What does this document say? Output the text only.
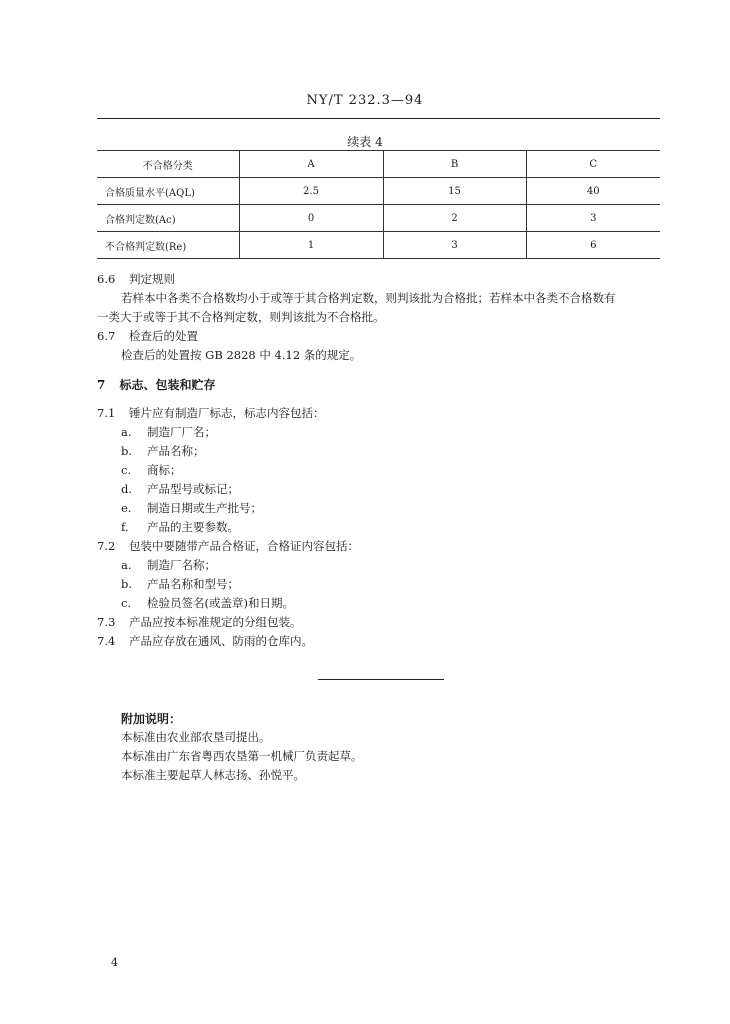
NY/T 232.3—94
续表 4
不合格分类	A	B	C
合格质量水平(AQL)	2.5	15	40
合格判定数(Ac)	0	2	3
不合格判定数(Re)	1	3	6
6.6 判定规则
若样本中各类不合格数均小于或等于其合格判定数，则判该批为合格批；若样本中各类不合格数有
一类大于或等于其不合格判定数，则判该批为不合格批。
6.7 检查后的处置
检查后的处置按 GB 2828 中 4.12 条的规定。
7 标志、包装和贮存
7.1 锤片应有制造厂标志，标志内容包括：
a. 制造厂厂名；
b. 产品名称；
c. 商标；
d. 产品型号或标记；
e. 制造日期或生产批号；
f. 产品的主要参数。
7.2 包装中要随带产品合格证，合格证内容包括：
a. 制造厂名称；
b. 产品名称和型号；
c. 检验员签名(或盖章)和日期。
7.3 产品应按本标准规定的分组包装。
7.4 产品应存放在通风、防雨的仓库内。
附加说明：
本标准由农业部农垦司提出。
本标准由广东省粤西农垦第一机械厂负责起草。
本标准主要起草人林志扬、孙悦平。
4
